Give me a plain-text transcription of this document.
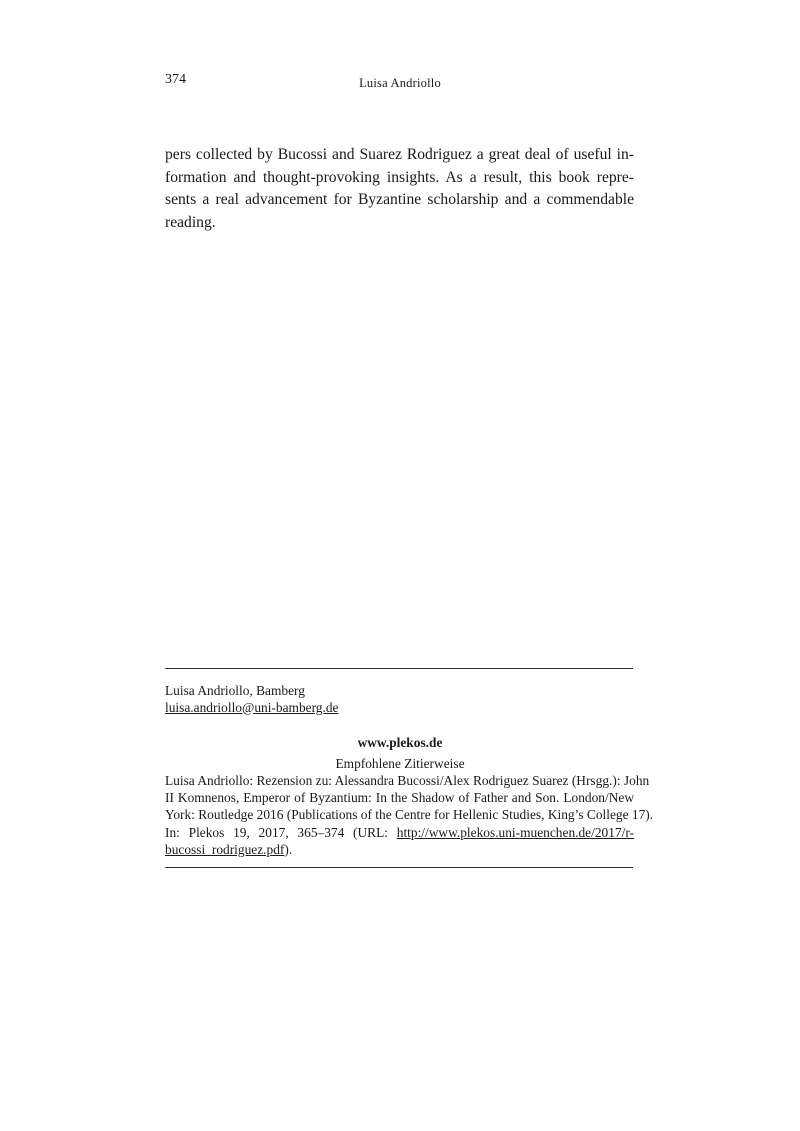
374	Luisa Andriollo

pers collected by Bucossi and Suarez Rodriguez a great deal of useful in-
formation and thought-provoking insights. As a result, this book repre-
sents a real advancement for Byzantine scholarship and a commendable
reading.

Luisa Andriollo, Bamberg
luisa.andriollo@uni-bamberg.de
www.plekos.de
Empfohlene Zitierweise

Luisa Andriollo: Rezension zu: Alessandra Bucossi/Alex Rodriguez Suarez (Hrsgg.): John
II Komnenos, Emperor of Byzantium: In the Shadow of Father and Son. London/New
York: Routledge 2016 (Publications of the Centre for Hellenic Studies, King’s College 17).
In: Plekos 19, 2017, 365–374 (URL: http://www.plekos.uni-muenchen.de/2017/r-
bucossi_rodriguez.pdf).
